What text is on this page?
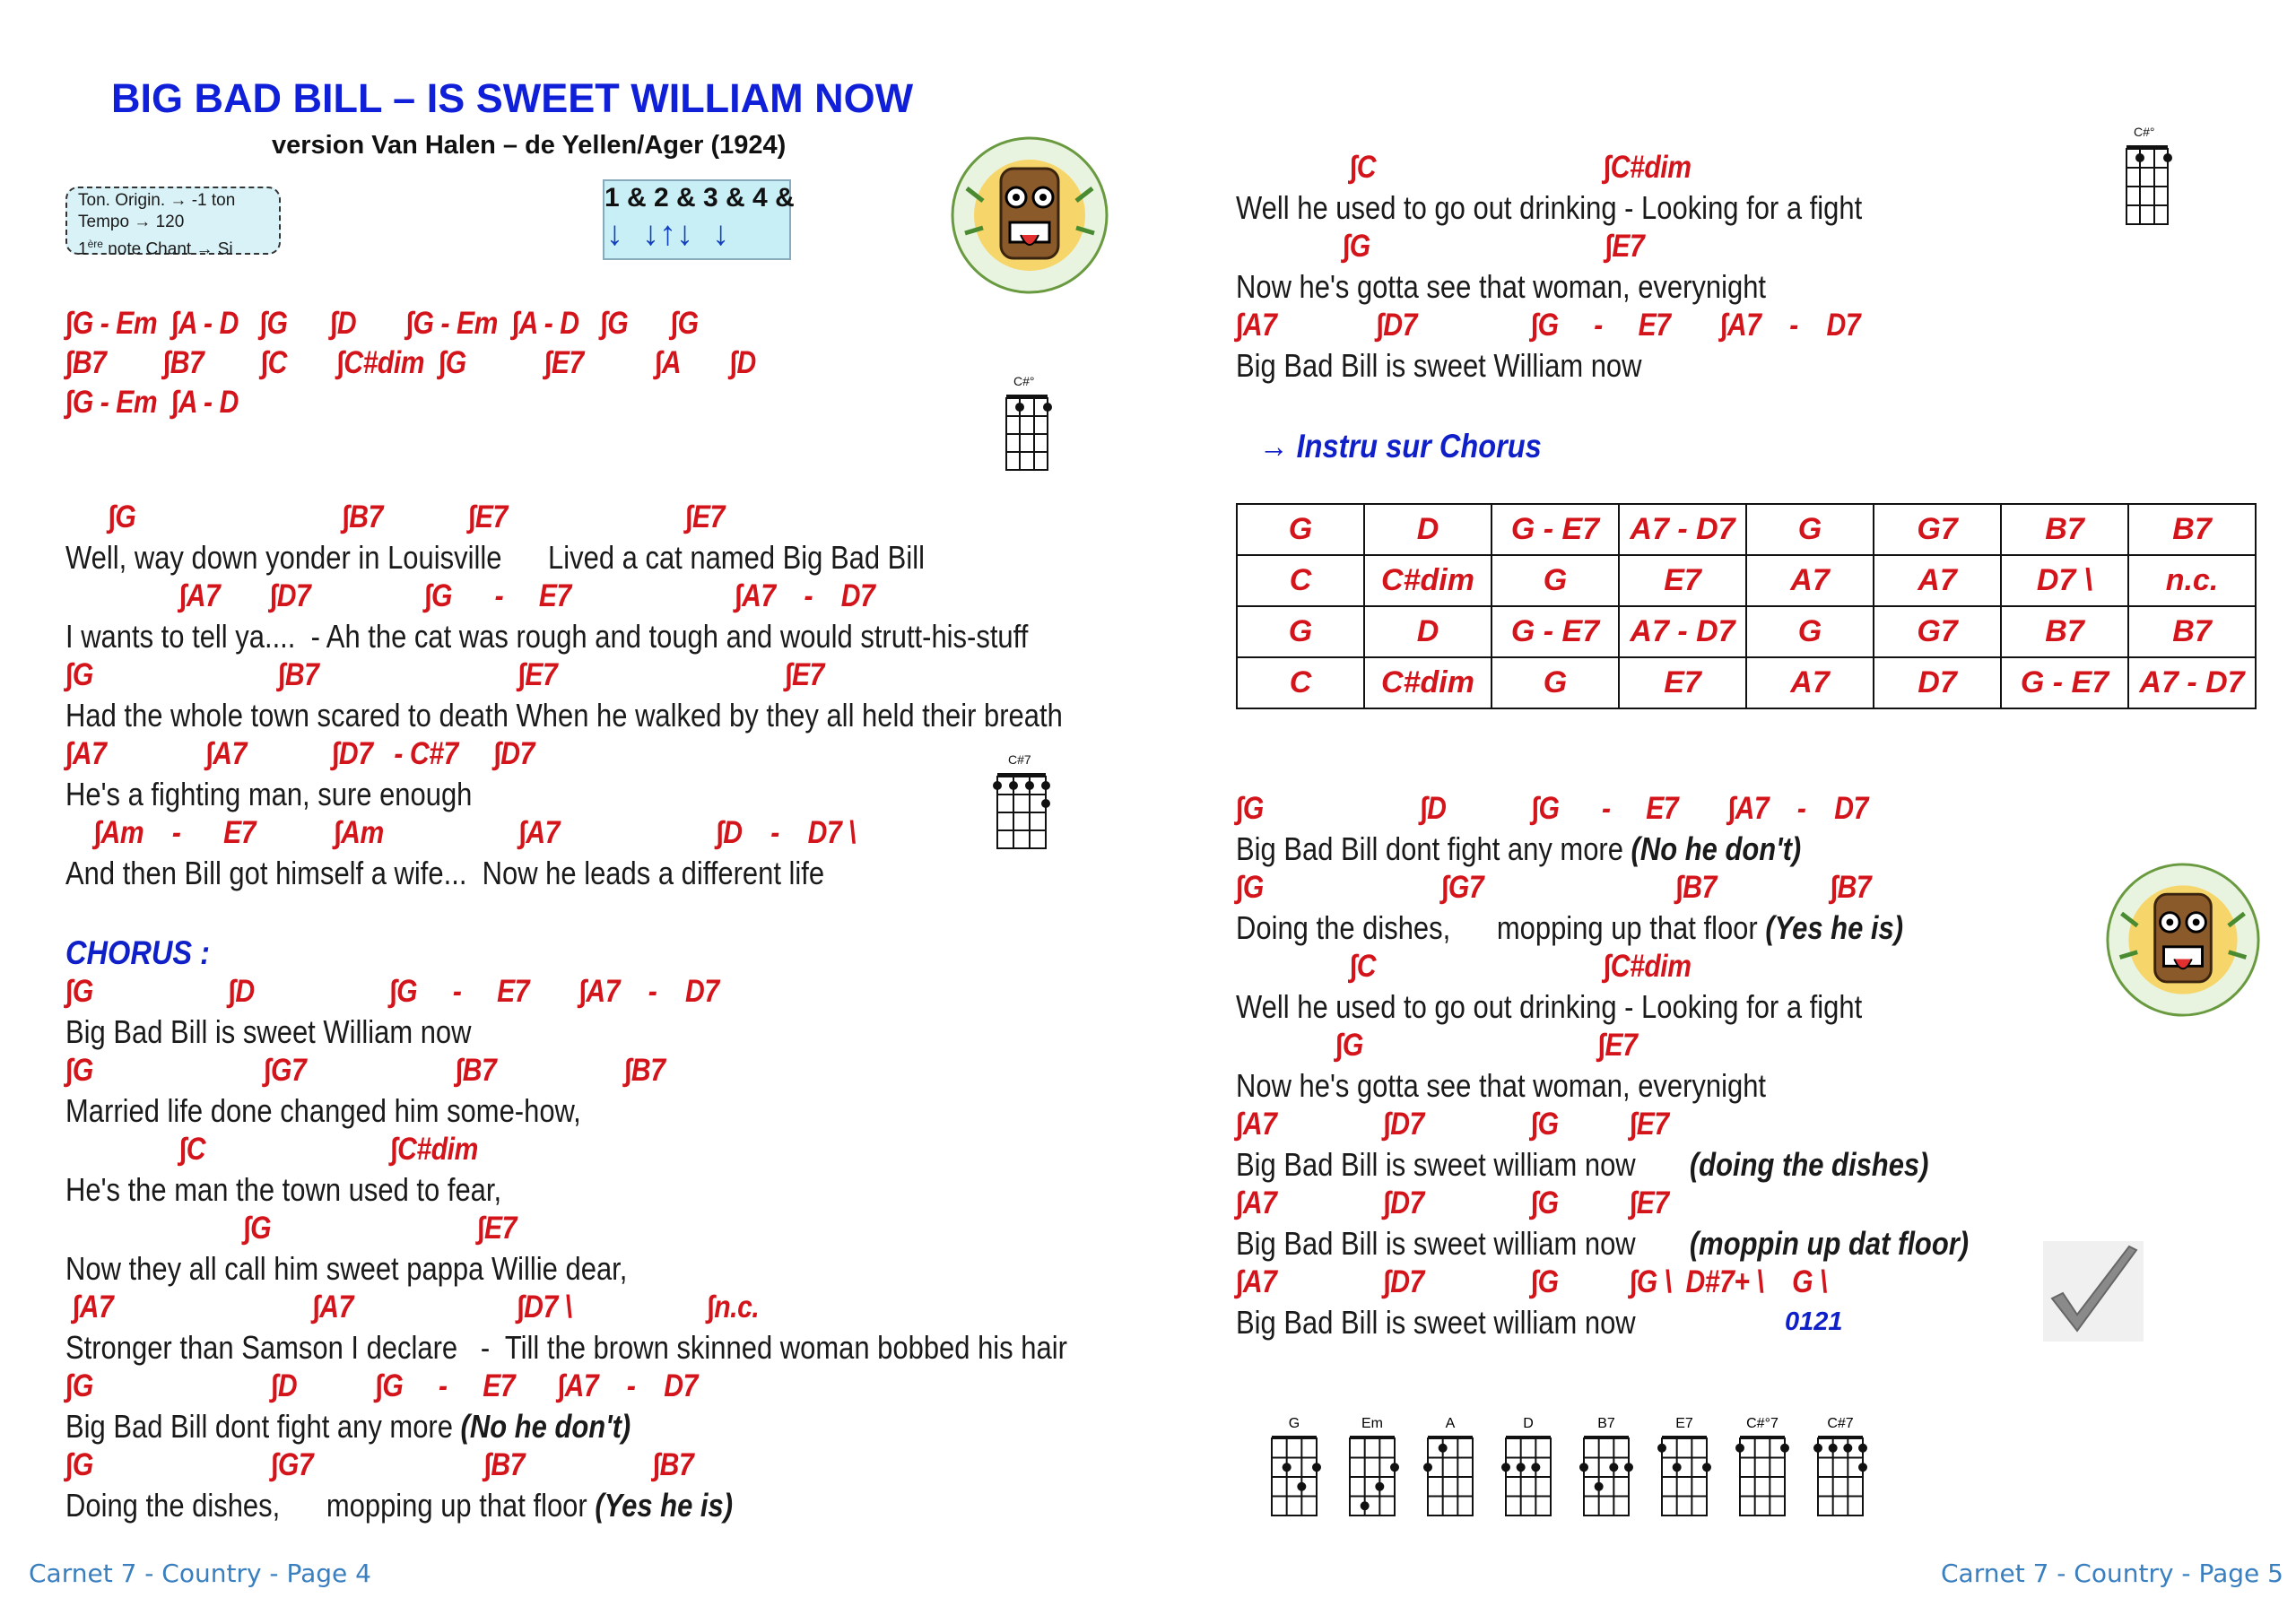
BIG BAD BILL – IS SWEET WILLIAM NOW
version Van Halen – de Yellen/Ager (1924)
Ton. Origin. → -1 ton
Tempo → 120
1ère note Chant → Si
1 & 2 & 3 & 4 &
↓  ↓↑↓  ↓
∫G - Em  ∫A - D   ∫G      ∫D       ∫G - Em  ∫A - D   ∫G      ∫G
∫B7        ∫B7        ∫C       ∫C#dim  ∫G           ∫E7          ∫A       ∫D
∫G - Em  ∫A - D
C#°
∫G                             ∫B7            ∫E7                         ∫E7
Well, way down yonder in Louisville      Lived a cat named Big Bad Bill
∫A7       ∫D7                ∫G      -     E7                       ∫A7    -    D7
I wants to tell ya....  - Ah the cat was rough and tough and would strutt-his-stuff
∫G                          ∫B7                            ∫E7                                ∫E7
Had the whole town scared to death When he walked by they all held their breath
∫A7              ∫A7            ∫D7   - C#7     ∫D7
He's a fighting man, sure enough
∫Am    -      E7           ∫Am                   ∫A7                      ∫D    -    D7 \
And then Bill got himself a wife...  Now he leads a different life
C#7
CHORUS :
∫G                   ∫D                   ∫G     -     E7       ∫A7    -    D7
Big Bad Bill is sweet William now
∫G                        ∫G7                     ∫B7                  ∫B7
Married life done changed him some-how,
∫C                          ∫C#dim
He's the man the town used to fear,
∫G                             ∫E7
Now they all call him sweet pappa Willie dear,
∫A7                            ∫A7                       ∫D7 \                   ∫n.c.
Stronger than Samson I declare   -  Till the brown skinned woman bobbed his hair
∫G                         ∫D           ∫G     -     E7      ∫A7    -    D7
Big Bad Bill dont fight any more (No he don't)
∫G                         ∫G7                        ∫B7                  ∫B7
Doing the dishes,      mopping up that floor (Yes he is)
Carnet 7 - Country - Page 4
∫C                                ∫C#dim
Well he used to go out drinking - Looking for a fight
∫G                                 ∫E7
Now he's gotta see that woman, everynight
∫A7              ∫D7                ∫G     -     E7       ∫A7    -    D7
Big Bad Bill is sweet William now
C#°
→ Instru sur Chorus
G	D	G - E7	A7 - D7	G	G7	B7	B7
C	C#dim	G	E7	A7	A7	D7 \	n.c.
G	D	G - E7	A7 - D7	G	G7	B7	B7
C	C#dim	G	E7	A7	D7	G - E7	A7 - D7
∫G                      ∫D            ∫G      -     E7       ∫A7    -    D7
Big Bad Bill dont fight any more (No he don't)
∫G                         ∫G7                           ∫B7                ∫B7
Doing the dishes,      mopping up that floor (Yes he is)
∫C                                ∫C#dim
Well he used to go out drinking - Looking for a fight
∫G                                 ∫E7
Now he's gotta see that woman, everynight
∫A7               ∫D7               ∫G          ∫E7
Big Bad Bill is sweet william now       (doing the dishes)
∫A7               ∫D7               ∫G          ∫E7
Big Bad Bill is sweet william now       (moppin up dat floor)
∫A7               ∫D7               ∫G          ∫G \  D#7+ \    G \
Big Bad Bill is sweet william now	0121
G	Em	A	D	B7	E7	C#°7	C#7
Carnet 7 - Country - Page 5
